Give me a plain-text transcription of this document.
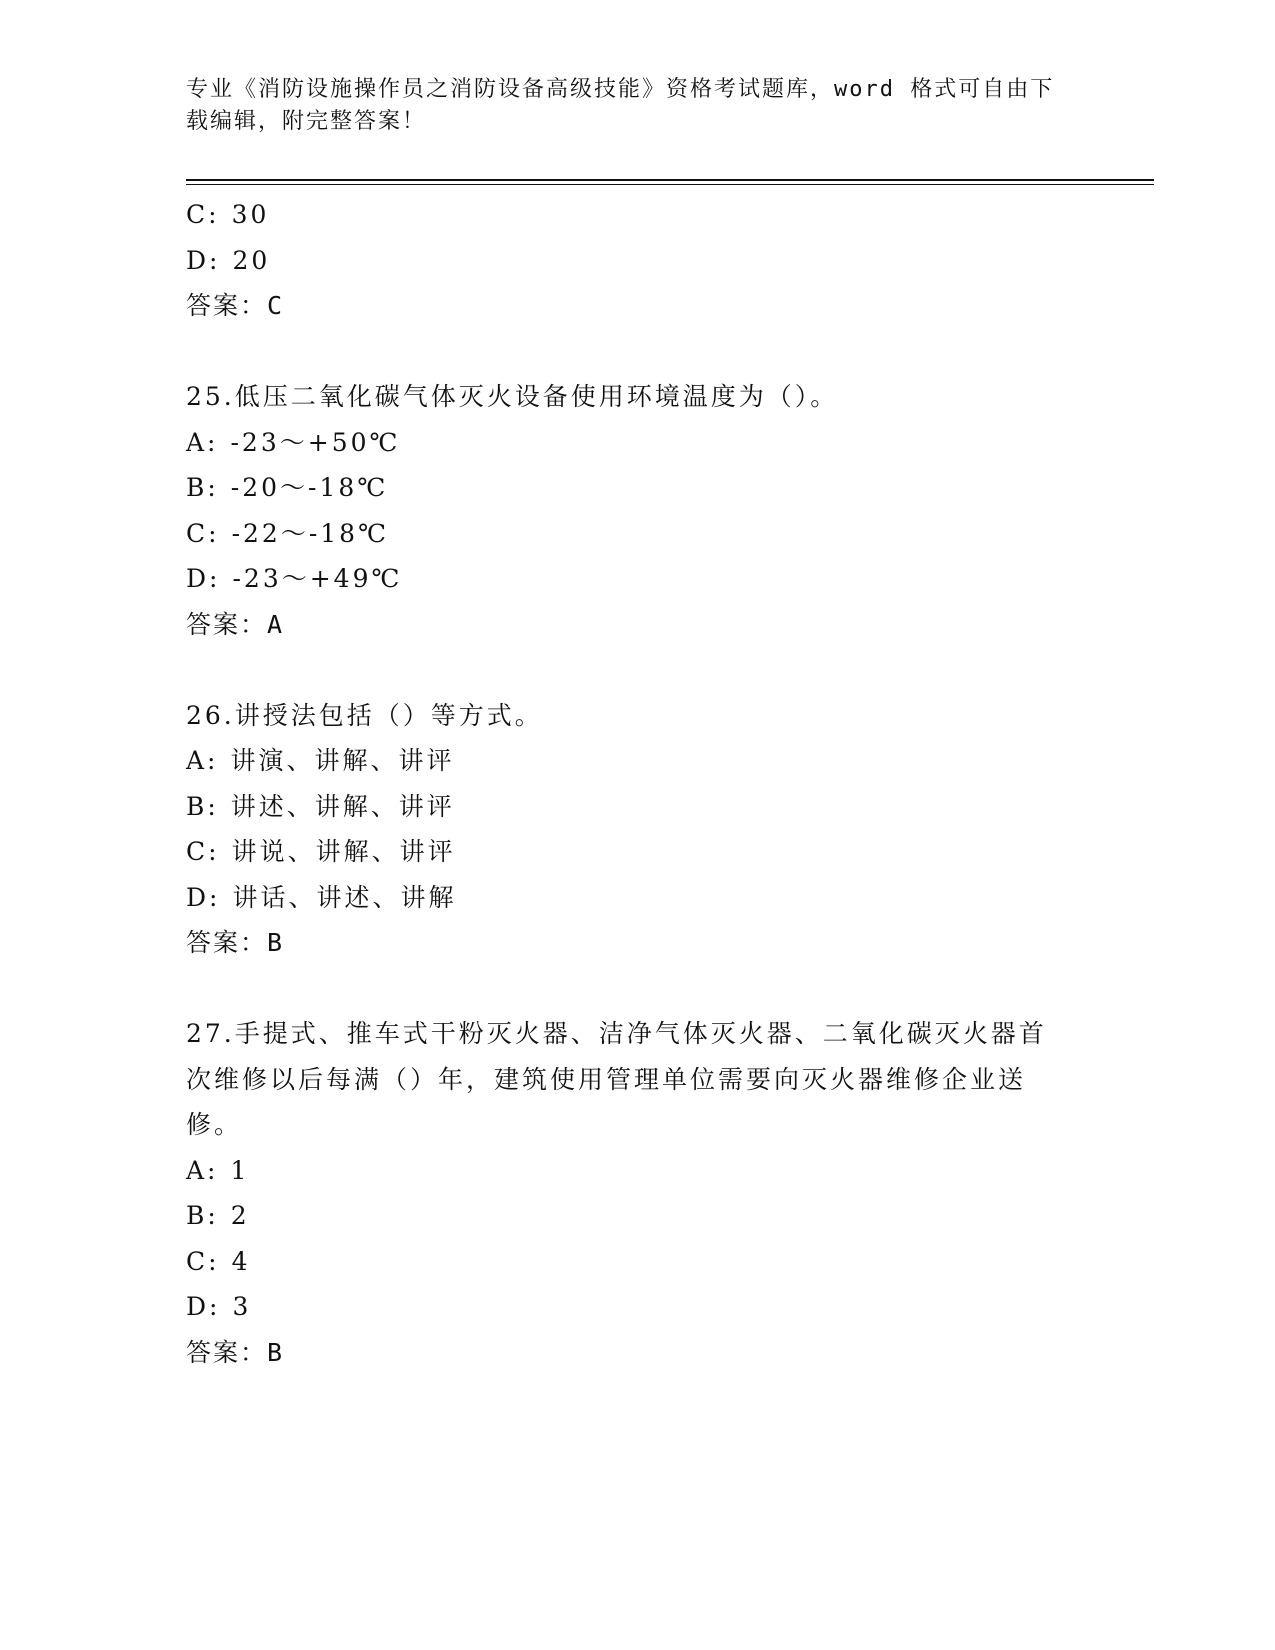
专业《消防设施操作员之消防设备高级技能》资格考试题库，word 格式可自由下
载编辑，附完整答案！
C: 30
D: 20
答案：C
25.低压二氧化碳气体灭火设备使用环境温度为（）。
A: -23～+50℃
B: -20～-18℃
C: -22～-18℃
D: -23～+49℃
答案：A
26.讲授法包括（）等方式。
A: 讲演、讲解、讲评
B: 讲述、讲解、讲评
C: 讲说、讲解、讲评
D: 讲话、讲述、讲解
答案：B
27.手提式、推车式干粉灭火器、洁净气体灭火器、二氧化碳灭火器首
次维修以后每满（）年，建筑使用管理单位需要向灭火器维修企业送
修。
A: 1
B: 2
C: 4
D: 3
答案：B
